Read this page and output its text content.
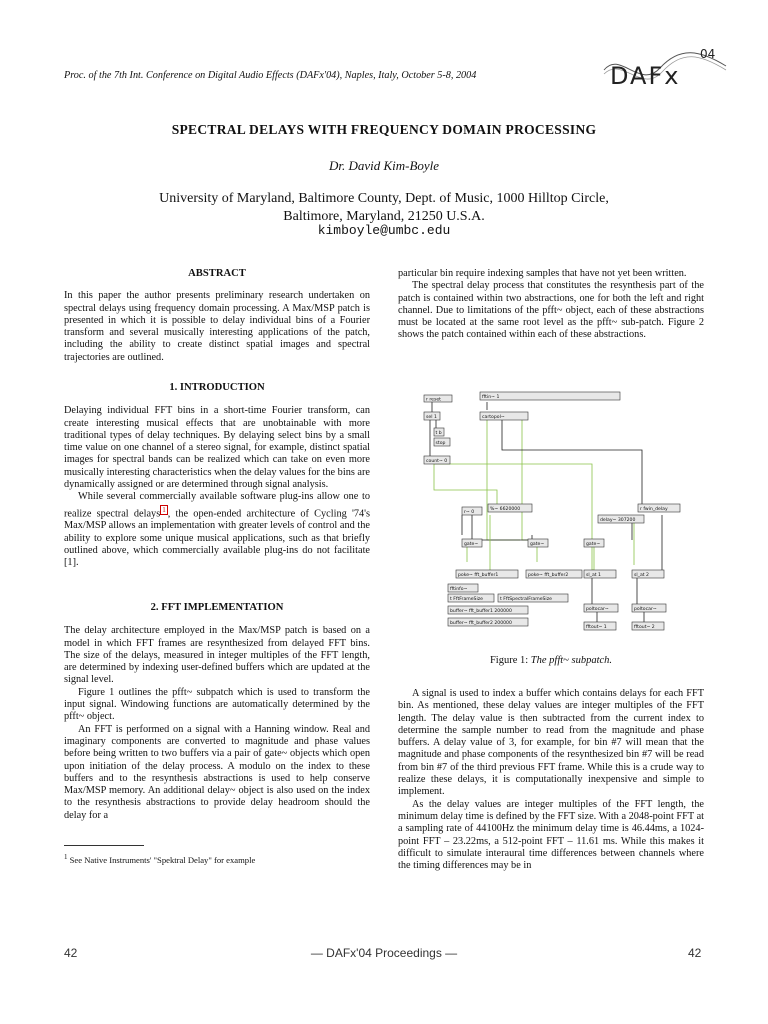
Proc. of the 7th Int. Conference on Digital Audio Effects (DAFx'04), Naples, Italy, October 5-8, 2004	DAFx
04
SPECTRAL DELAYS WITH FREQUENCY DOMAIN PROCESSING
Dr. David Kim-Boyle
University of Maryland, Baltimore County, Dept. of Music, 1000 Hilltop Circle,
Baltimore, Maryland, 21250 U.S.A.
kimboyle@umbc.edu
ABSTRACT

In this paper the author presents preliminary research undertaken on spectral delays using frequency domain processing. A Max/MSP patch is presented in which it is possible to delay individual bins of a Fourier transform and several musically interesting applications of the patch, including the ability to create distinct spatial images and spectral trajectories are outlined.

1. INTRODUCTION

Delaying individual FFT bins in a short-time Fourier transform, can create interesting musical effects that are unobtainable with more traditional types of delay techniques. By delaying select bins by a small time value on one channel of a stereo signal, for example, distinct spatial images for spectral bands can be realized which can take on even more musically interesting characteristics when the delay values for the bins are dynamically assigned or are determined through signal analysis.

While several commercially available software plug-ins allow one to realize spectral delays $^1$ , the open-ended architecture of Cycling '74's Max/MSP allows an implementation with greater levels of control and the ability to explore some unique musical applications, such as that briefly outlined above, which commercially available plug-ins do not facilitate [1].

2. FFT IMPLEMENTATION

The delay architecture employed in the Max/MSP patch is based on a model in which FFT frames are resynthesized from delayed FFT bins. The size of the delays, measured in integer multiples of the FFT length, are determined by indexing user-defined buffers which are updated at the signal level.

Figure 1 outlines the pfft~ subpatch which is used to transform the input signal. Windowing functions are automatically determined by the pfft~ object.

An FFT is performed on a signal with a Hanning window. Real and imaginary components are converted to magnitude and phase values before being written to two buffers via a pair of gate~ objects which open upon initiation of the delay process. A modulo on the index to these buffers and to the resynthesis abstractions is used to help conserve Max/MSP memory. An additional delay~ object is also used on the index to the resynthesis abstractions to provide delay headroom should the delay for a

$^1$ See Native Instruments' "Spektral Delay" for example

particular bin require indexing samples that have not yet been written.

The spectral delay process that constitutes the resynthesis part of the patch is contained within two abstractions, one for both the left and right channel. Due to limitations of the pfft~ object, each of these abstractions must be located at the same root level as the pfft~ sub-patch. Figure 2 shows the patch contained within each of these abstractions.

r reset	fftin~ 1
sel 1	cartopol~
t b
stop
count~ 0
r~ 0
%~ 6620000	r fwin_delay
delay~ 307200
gate~	gate~	gate~
poke~ fft_buffer1	poke~ fft_buffer2	sl_at 1	sl_at 2
fftinfo~
t FftFrameSize	t FftSpectralFrameSize
buffer~ fft_buffer1 200000
buffer~ fft_buffer2 200000
poltocar~	poltocar~
fftout~ 1	fftout~ 2
Figure 1: The pfft~ subpatch.

A signal is used to index a buffer which contains delays for each FFT bin. As mentioned, these delay values are integer multiples of the FFT length. The delay value is then subtracted from the current index to determine the sample number to read from the magnitude and phase buffers. A delay value of 3, for example, for bin #7 will mean that the magnitude and phase components of the resynthesized bin #7 will be read from bin #7 of the third previous FFT frame. While this is a crude way to realize these delays, it is computationally inexpensive and simple to implement.

As the delay values are integer multiples of the FFT length, the minimum delay time is defined by the FFT size. With a 2048-point FFT at a sampling rate of 44100Hz the minimum delay time is 46.44ms, a 1024-point FFT – 23.22ms, a 512-point FFT – 11.61 ms. While this makes it difficult to simulate interaural time differences between channels where the timing differences may be in

42	— DAFx'04 Proceedings —	42
